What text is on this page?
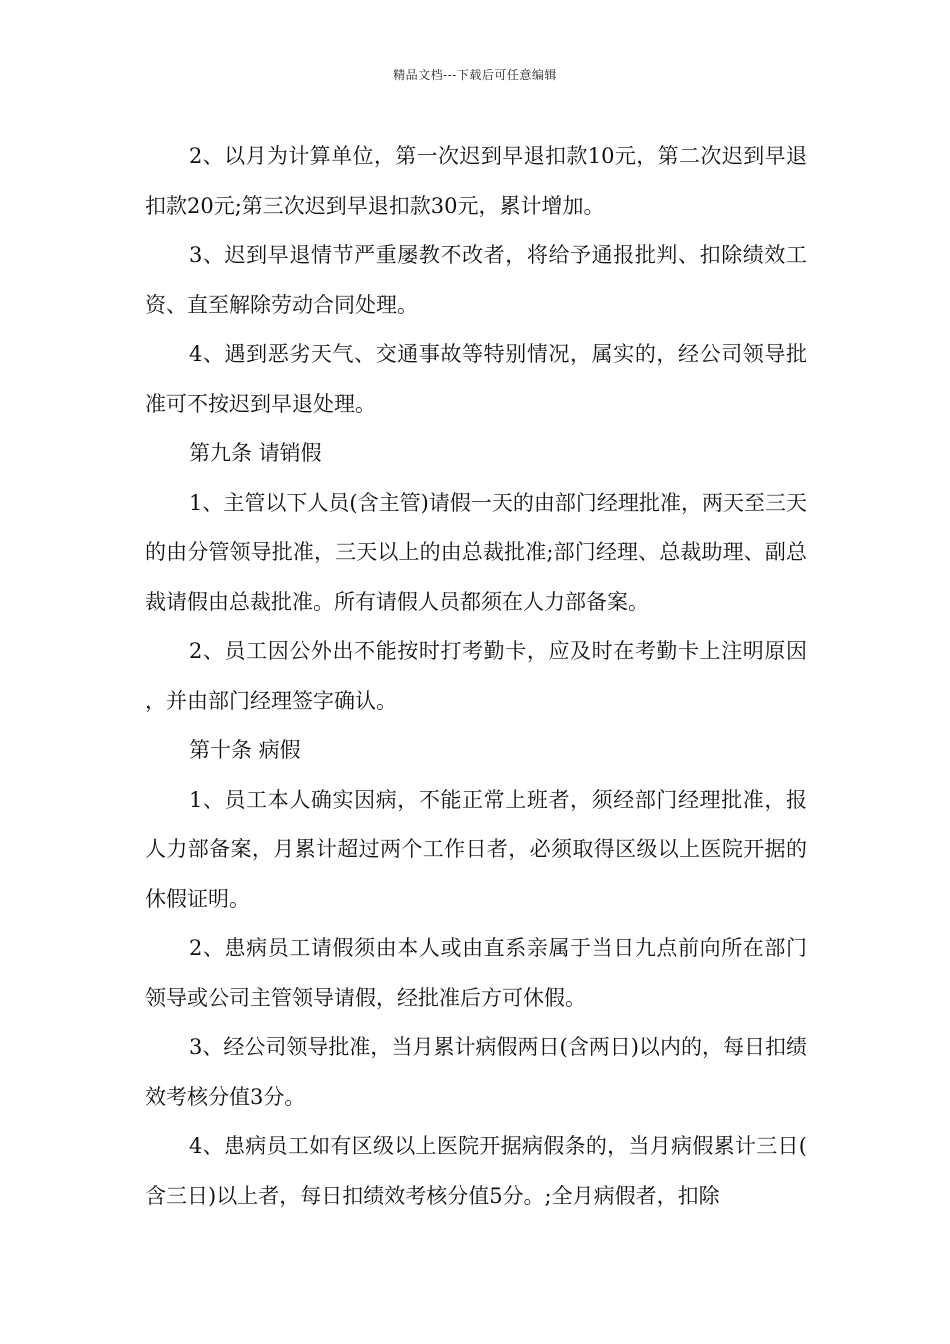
精品文档---下载后可任意编辑

2、以月为计算单位，第一次迟到早退扣款10元，第二次迟到早退扣款20元;第三次迟到早退扣款30元，累计增加。

3、迟到早退情节严重屡教不改者，将给予通报批判、扣除绩效工资、直至解除劳动合同处理。

4、遇到恶劣天气、交通事故等特别情况，属实的，经公司领导批准可不按迟到早退处理。

第九条 请销假

1、主管以下人员(含主管)请假一天的由部门经理批准，两天至三天的由分管领导批准，三天以上的由总裁批准;部门经理、总裁助理、副总裁请假由总裁批准。所有请假人员都须在人力部备案。

2、员工因公外出不能按时打考勤卡，应及时在考勤卡上注明原因，并由部门经理签字确认。

第十条 病假

1、员工本人确实因病，不能正常上班者，须经部门经理批准，报人力部备案，月累计超过两个工作日者，必须取得区级以上医院开据的休假证明。

2、患病员工请假须由本人或由直系亲属于当日九点前向所在部门领导或公司主管领导请假，经批准后方可休假。

3、经公司领导批准，当月累计病假两日(含两日)以内的，每日扣绩效考核分值3分。

4、患病员工如有区级以上医院开据病假条的，当月病假累计三日(含三日)以上者，每日扣绩效考核分值5分。;全月病假者，扣除
